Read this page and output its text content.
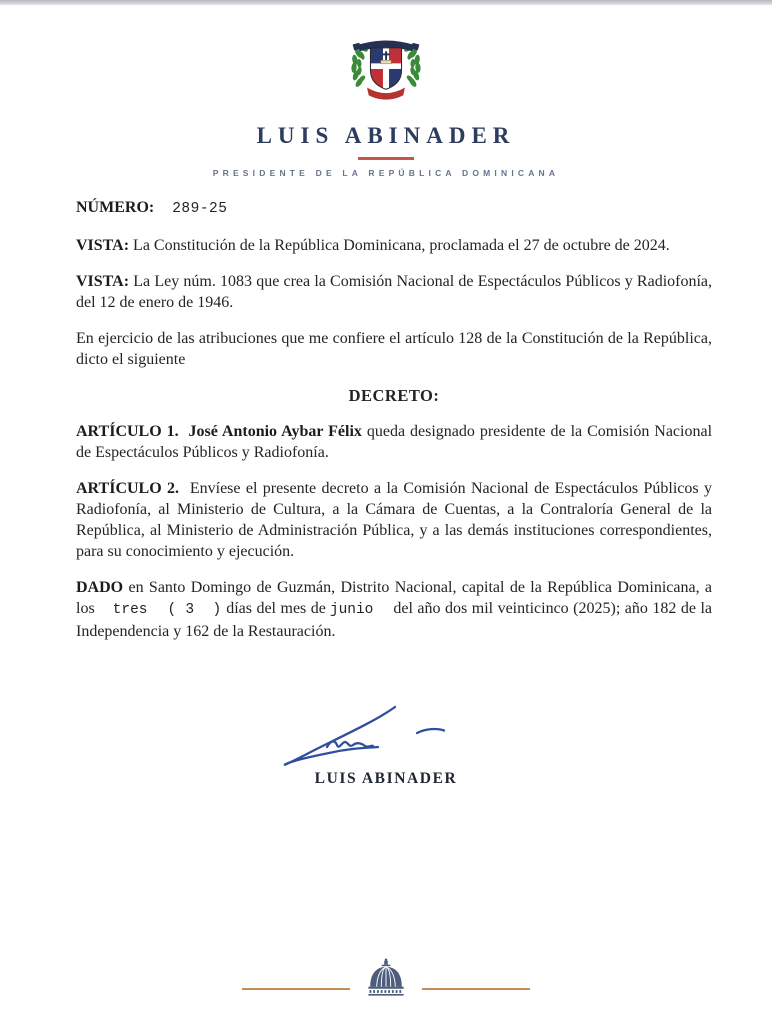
LUIS ABINADER
PRESIDENTE DE LA REPÚBLICA DOMINICANA

NÚMERO: 289-25

VISTA: La Constitución de la República Dominicana, proclamada el 27 de octubre de 2024.

VISTA: La Ley núm. 1083 que crea la Comisión Nacional de Espectáculos Públicos y Radiofonía, del 12 de enero de 1946.

En ejercicio de las atribuciones que me confiere el artículo 128 de la Constitución de la República, dicto el siguiente

DECRETO:

ARTÍCULO 1. José Antonio Aybar Félix queda designado presidente de la Comisión Nacional de Espectáculos Públicos y Radiofonía.

ARTÍCULO 2. Envíese el presente decreto a la Comisión Nacional de Espectáculos Públicos y Radiofonía, al Ministerio de Cultura, a la Cámara de Cuentas, a la Contraloría General de la República, al Ministerio de Administración Pública, y a las demás instituciones correspondientes, para su conocimiento y ejecución.

DADO en Santo Domingo de Guzmán, Distrito Nacional, capital de la República Dominicana, a los tres ( 3  ) días del mes de junio del año dos mil veinticinco (2025); año 182 de la Independencia y 162 de la Restauración.

LUIS ABINADER
